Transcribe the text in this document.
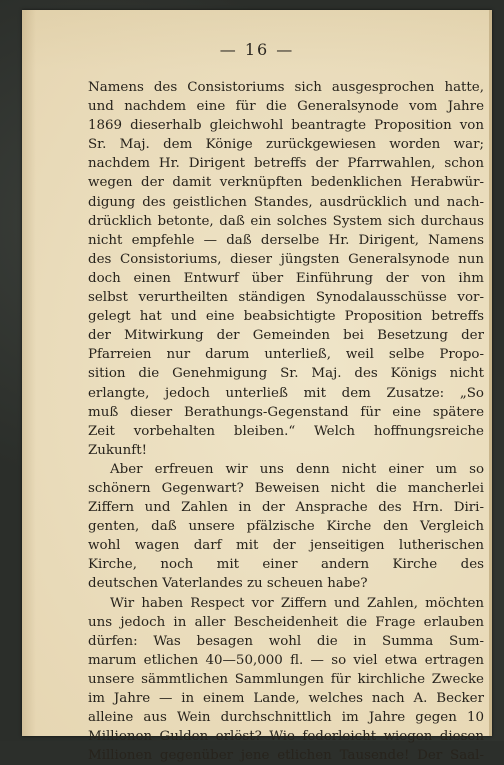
— 16 —
Namens des Consistoriums sich ausgesprochen hatte,
und nachdem eine für die Generalsynode vom Jahre
1869 dieserhalb gleichwohl beantragte Proposition von
Sr. Maj. dem Könige zurückgewiesen worden war;
nachdem Hr. Dirigent betreffs der Pfarrwahlen, schon
wegen der damit verknüpften bedenklichen Herabwür-
digung des geistlichen Standes, ausdrücklich und nach-
drücklich betonte, daß ein solches System sich durchaus
nicht empfehle — daß derselbe Hr. Dirigent, Namens
des Consistoriums, dieser jüngsten Generalsynode nun
doch einen Entwurf über Einführung der von ihm
selbst verurtheilten ständigen Synodalausschüsse vor-
gelegt hat und eine beabsichtigte Proposition betreffs
der Mitwirkung der Gemeinden bei Besetzung der
Pfarreien nur darum unterließ, weil selbe Propo-
sition die Genehmigung Sr. Maj. des Königs nicht
erlangte, jedoch unterließ mit dem Zusatze: „So
muß dieser Berathungs-Gegenstand für eine spätere
Zeit vorbehalten bleiben.“ Welch hoffnungsreiche
Zukunft!
Aber erfreuen wir uns denn nicht einer um so
schönern Gegenwart? Beweisen nicht die mancherlei
Ziffern und Zahlen in der Ansprache des Hrn. Diri-
genten, daß unsere pfälzische Kirche den Vergleich
wohl wagen darf mit der jenseitigen lutherischen
Kirche, noch mit einer andern Kirche des
deutschen Vaterlandes zu scheuen habe?
Wir haben Respect vor Ziffern und Zahlen, möchten
uns jedoch in aller Bescheidenheit die Frage erlauben
dürfen: Was besagen wohl die in Summa Sum-
marum etlichen 40—50,000 fl. — so viel etwa ertragen
unsere sämmtlichen Sammlungen für kirchliche Zwecke
im Jahre — in einem Lande, welches nach A. Becker
alleine aus Wein durchschnittlich im Jahre gegen 10
Millionen Gulden erlöst? Wie federleicht wiegen diesen
Millionen gegenüber jene etlichen Tausende! Der Saal-
